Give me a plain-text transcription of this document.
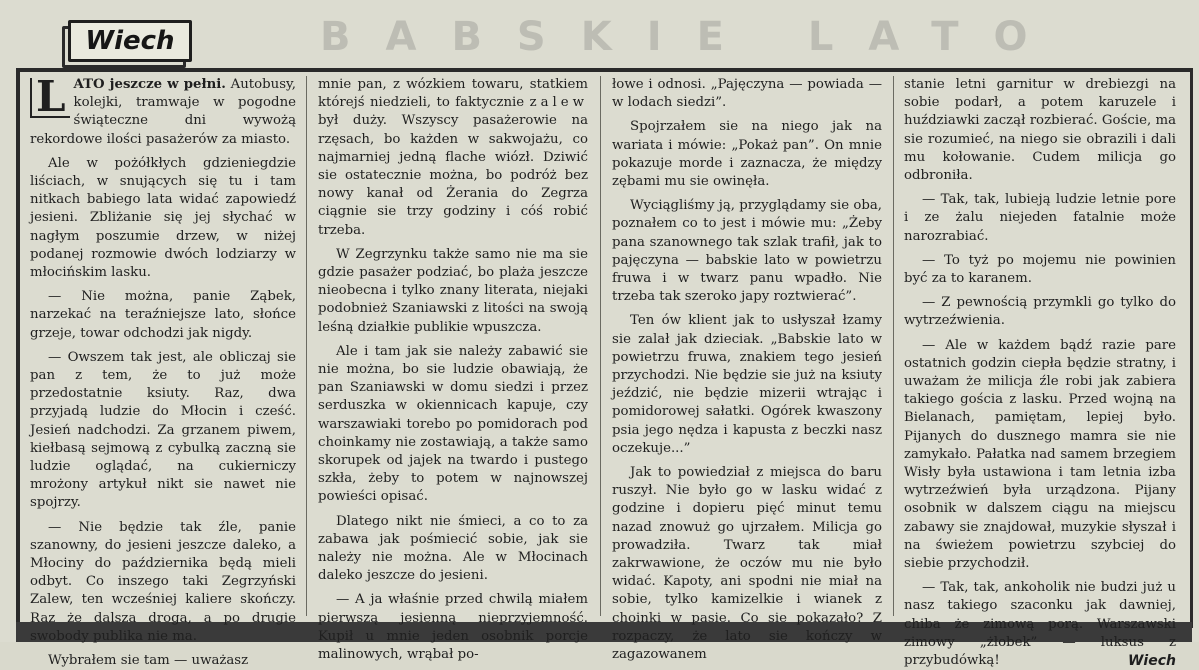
Wiech	BABSKIE LATO

L ATO jeszcze w pełni. Autobusy, kolejki, tramwaje w pogodne świąteczne dni wywożą rekordowe ilości pasażerów za miasto.

Ale w pożółkłych gdzieniegdzie liściach, w snujących się tu i tam nitkach babiego lata widać zapowiedź jesieni. Zbliżanie się jej słychać w nagłym poszumie drzew, w niżej podanej rozmowie dwóch lodziarzy w młocińskim lasku.

— Nie można, panie Ząbek, narzekać na teraźniejsze lato, słońce grzeje, towar odchodzi jak nigdy.

— Owszem tak jest, ale obliczaj sie pan z tem, że to już może przedostatnie ksiuty. Raz, dwa przyjadą ludzie do Młocin i cześć. Jesień nadchodzi. Za grzanem piwem, kiełbasą sejmową z cybulką zaczną sie ludzie oglądać, na cukierniczy mrożony artykuł nikt sie nawet nie spojrzy.

— Nie będzie tak źle, panie szanowny, do jesieni jeszcze daleko, a Młociny do października będą mieli odbyt. Co inszego taki Zegrzyński Zalew, ten wcześniej kaliere skończy. Raz że dalsza droga, a po drugie swobody publika nie ma.

Wybrałem sie tam — uważasz

mnie pan, z wózkiem towaru, statkiem którejś niedzieli, to faktycznie zalew był duży. Wszyscy pasażerowie na rzęsach, bo każden w sakwojażu, co najmarniej jedną flache wiózł. Dziwić sie ostatecznie można, bo podróż bez nowy kanał od Żerania do Zegrza ciągnie sie trzy godziny i cóś robić trzeba.

W Zegrzynku także samo nie ma sie gdzie pasażer podziać, bo plaża jeszcze nieobecna i tylko znany literata, niejaki podobnież Szaniawski z litości na swoją leśną działkie publikie wpuszcza.

Ale i tam jak sie należy zabawić sie nie można, bo sie ludzie obawiają, że pan Szaniawski w domu siedzi i przez serduszka w okiennicach kapuje, czy warszawiaki torebo po pomidorach pod choinkamy nie zostawiają, a także samo skorupek od jajek na twardo i pustego szkła, żeby to potem w najnowszej powieści opisać.

Dlatego nikt nie śmieci, a co to za zabawa jak pośmiecić sobie, jak sie należy nie można. Ale w Młocinach daleko jeszcze do jesieni.

— A ja właśnie przed chwilą miałem pierwszą jesienną nieprzyjemność. Kupił u mnie jeden osobnik porcje malinowych, wrąbał po-

łowe i odnosi. „Pajęczyna — powiada — w lodach siedzi”.

Spojrzałem sie na niego jak na wariata i mówie: „Pokaż pan”. On mnie pokazuje morde i zaznacza, że między zębami mu sie owinęła.

Wyciągliśmy ją, przyglądamy sie oba, poznałem co to jest i mówie mu: „Żeby pana szanownego tak szlak trafił, jak to pajęczyna — babskie lato w powietrzu fruwa i w twarz panu wpadło. Nie trzeba tak szeroko japy roztwierać”.

Ten ów klient jak to usłyszał łzamy sie zalał jak dzieciak. „Babskie lato w powietrzu fruwa, znakiem tego jesień przychodzi. Nie będzie sie już na ksiuty jeździć, nie będzie mizerii wtrając i pomidorowej sałatki. Ogórek kwaszony psia jego nędza i kapusta z beczki nasz oczekuje...”

Jak to powiedział z miejsca do baru ruszył. Nie było go w lasku widać z godzine i dopieru pięć minut temu nazad znowuż go ujrzałem. Milicja go prowadziła. Twarz tak miał zakrwawione, że oczów mu nie było widać. Kapoty, ani spodni nie miał na sobie, tylko kamizelkie i wianek z choinki w pasie. Co sie pokazało? Z rozpaczy, że lato sie kończy w zagazowanem

stanie letni garnitur w drebiezgi na sobie podarł, a potem karuzele i huździawki zaczął rozbierać. Goście, ma sie rozumieć, na niego sie obrazili i dali mu kołowanie. Cudem milicja go odbroniła.

— Tak, tak, lubieją ludzie letnie pore i ze żalu niejeden fatalnie może narozrabiać.

— To tyż po mojemu nie powinien być za to karanem.

— Z pewnością przymkli go tylko do wytrzeźwienia.

— Ale w każdem bądź razie pare ostatnich godzin ciepła będzie stratny, i uważam że milicja źle robi jak zabiera takiego gościa z lasku. Przed wojną na Bielanach, pamiętam, lepiej było. Pijanych do dusznego mamra sie nie zamykało. Pałatka nad samem brzegiem Wisły była ustawiona i tam letnia izba wytrzeźwień była urządzona. Pijany osobnik w dalszem ciągu na miejscu zabawy sie znajdował, muzykie słyszał i na świeżem powietrzu szybciej do siebie przychodził.

— Tak, tak, ankoholik nie budzi już u nasz takiego szaconku jak dawniej, chiba że zimową porą. Warszawski zimowy „żłobek” — luksus z przybudówką!	Wiech
